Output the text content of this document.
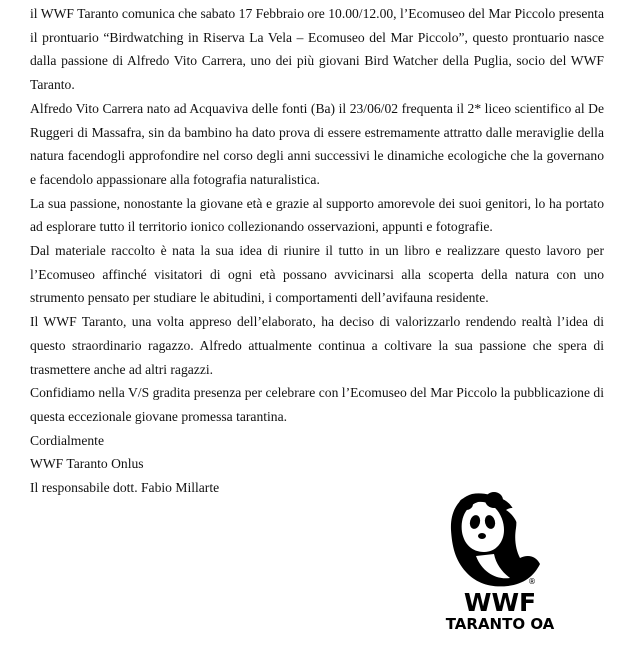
il WWF Taranto comunica che sabato 17 Febbraio ore 10.00/12.00, l’Ecomuseo del Mar Piccolo presenta il prontuario “Birdwatching in Riserva La Vela – Ecomuseo del Mar Piccolo”, questo prontuario nasce dalla passione di Alfredo Vito Carrera, uno dei più giovani Bird Watcher della Puglia, socio del WWF Taranto.

Alfredo Vito Carrera nato ad Acquaviva delle fonti (Ba) il 23/06/02 frequenta il 2* liceo scientifico al De Ruggeri di Massafra, sin da bambino ha dato prova di essere estremamente attratto dalle meraviglie della natura facendogli approfondire nel corso degli anni successivi le dinamiche ecologiche che la governano e facendolo appassionare alla fotografia naturalistica.

La sua passione, nonostante la giovane età e grazie al supporto amorevole dei suoi genitori, lo ha portato ad esplorare tutto il territorio ionico collezionando osservazioni, appunti e fotografie.

Dal materiale raccolto è nata la sua idea di riunire il tutto in un libro e realizzare questo lavoro per l’Ecomuseo affinché visitatori di ogni età possano avvicinarsi alla scoperta della natura con uno strumento pensato per studiare le abitudini, i comportamenti dell’avifauna residente.

Il WWF Taranto, una volta appreso dell’elaborato, ha deciso di valorizzarlo rendendo realtà l’idea di questo straordinario ragazzo. Alfredo attualmente continua a coltivare la sua passione che spera di trasmettere anche ad altri ragazzi.

Confidiamo nella V/S gradita presenza per celebrare con l’Ecomuseo del Mar Piccolo la pubblicazione di questa eccezionale giovane promessa tarantina.

Cordialmente

WWF Taranto Onlus

Il responsabile dott. Fabio Millarte

®
WWF
TARANTO OA
